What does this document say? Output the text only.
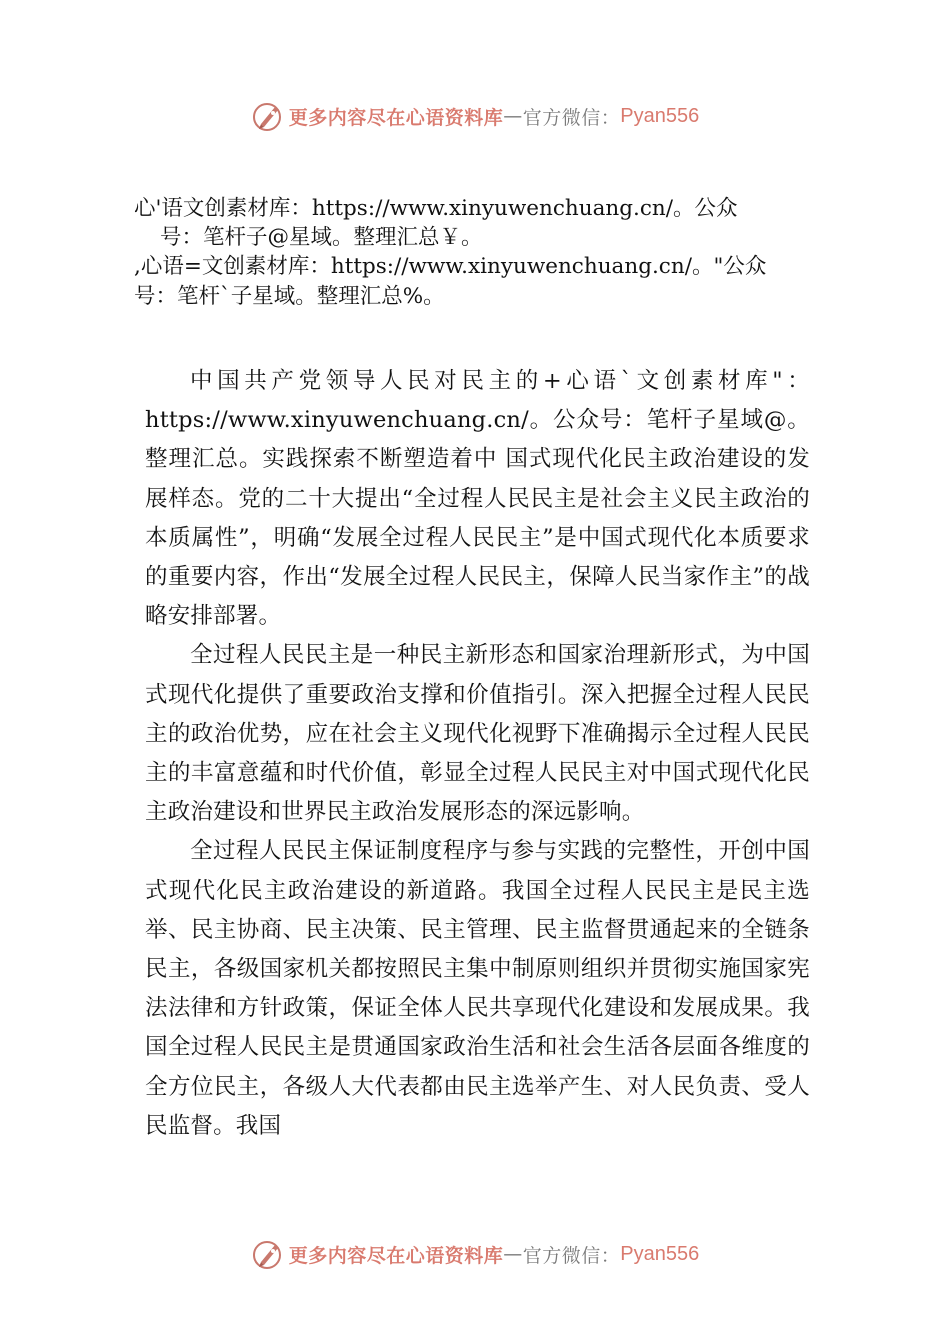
更多内容尽在心语资料库 — 官方微信： Pyan556
心'语文创素材库：https://www.xinyuwenchuang.cn/。公众
号：笔杆子@星域。整理汇总￥。
,心语=文创素材库：https://www.xinyuwenchuang.cn/。"公众
号：笔杆`子星域。整理汇总%。

中国共产党领导人民对民主的+心语`文创素材库"：https://www.xinyuwenchuang.cn/。公众号：笔杆子星域@。整理汇总。实践探索不断塑造着中 国式现代化民主政治建设的发展样态。党的二十大提出“全过程人民民主是社会主义民主政治的本质属性”，明确“发展全过程人民民主”是中国式现代化本质要求的重要内容，作出“发展全过程人民民主，保障人民当家作主”的战略安排部署。

全过程人民民主是一种民主新形态和国家治理新形式，为中国式现代化提供了重要政治支撑和价值指引。深入把握全过程人民民主的政治优势，应在社会主义现代化视野下准确揭示全过程人民民主的丰富意蕴和时代价值，彰显全过程人民民主对中国式现代化民主政治建设和世界民主政治发展形态的深远影响。

全过程人民民主保证制度程序与参与实践的完整性，开创中国式现代化民主政治建设的新道路。我国全过程人民民主是民主选举、民主协商、民主决策、民主管理、民主监督贯通起来的全链条民主，各级国家机关都按照民主集中制原则组织并贯彻实施国家宪法法律和方针政策，保证全体人民共享现代化建设和发展成果。我国全过程人民民主是贯通国家政治生活和社会生活各层面各维度的全方位民主，各级人大代表都由民主选举产生、对人民负责、受人民监督。我国

更多内容尽在心语资料库 — 官方微信： Pyan556
